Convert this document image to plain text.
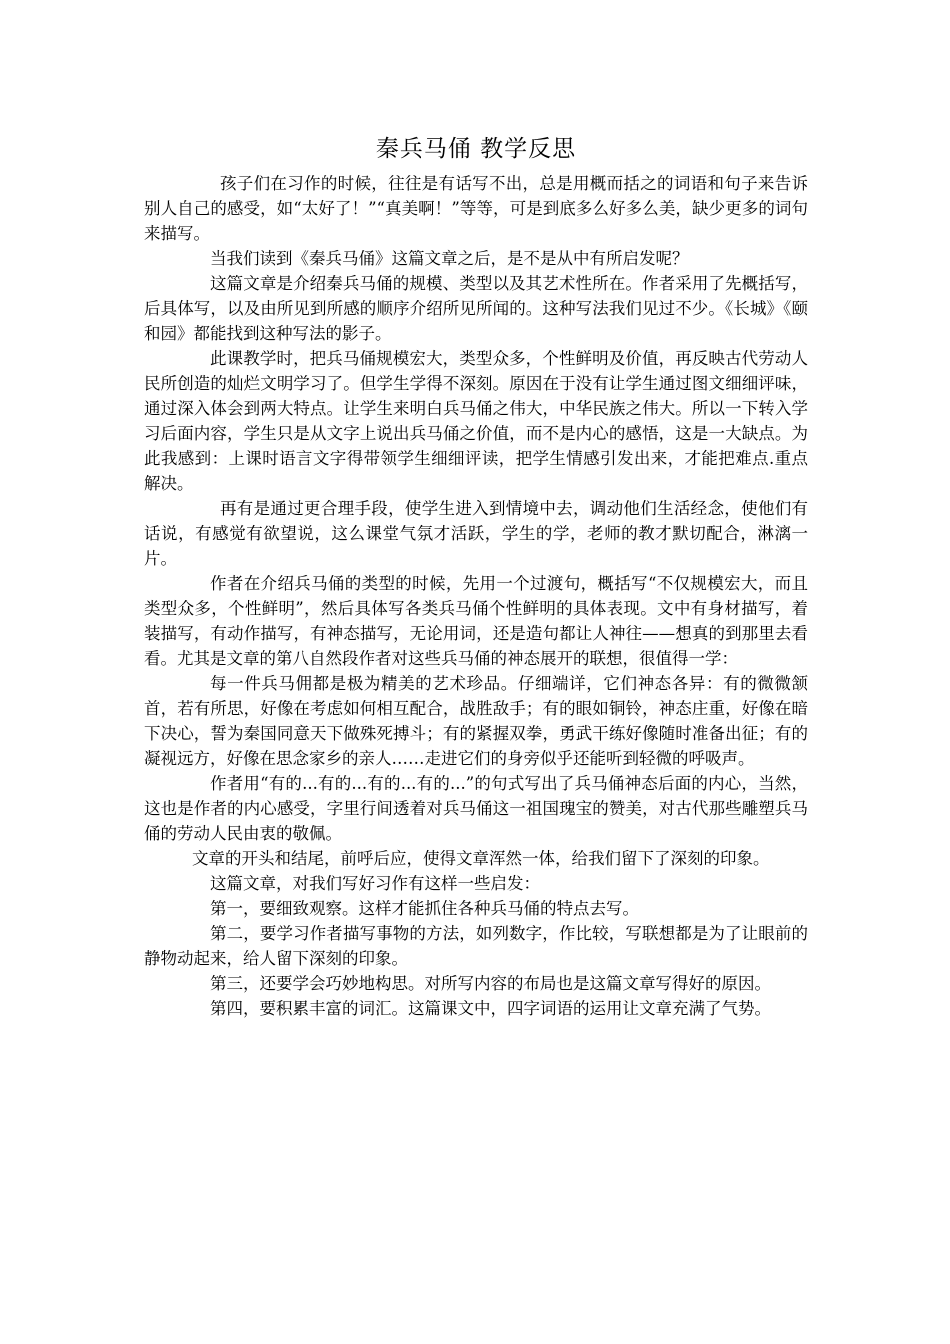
秦兵马俑 教学反思

孩子们在习作的时候，往往是有话写不出，总是用概而括之的词语和句子来告诉别人自己的感受，如“太好了！”“真美啊！”等等，可是到底多么好多么美，缺少更多的词句来描写。

当我们读到《秦兵马俑》这篇文章之后，是不是从中有所启发呢？

这篇文章是介绍秦兵马俑的规模、类型以及其艺术性所在。作者采用了先概括写，后具体写，以及由所见到所感的顺序介绍所见所闻的。这种写法我们见过不少。《长城》《颐和园》都能找到这种写法的影子。

此课教学时，把兵马俑规模宏大，类型众多，个性鲜明及价值，再反映古代劳动人民所创造的灿烂文明学习了。但学生学得不深刻。原因在于没有让学生通过图文细细评味，通过深入体会到两大特点。让学生来明白兵马俑之伟大，中华民族之伟大。所以一下转入学习后面内容，学生只是从文字上说出兵马俑之价值，而不是内心的感悟，这是一大缺点。为此我感到：上课时语言文字得带领学生细细评读，把学生情感引发出来，才能把难点.重点解决。

再有是通过更合理手段，使学生进入到情境中去，调动他们生活经念，使他们有话说，有感觉有欲望说，这么课堂气氛才活跃，学生的学，老师的教才默切配合，淋漓一片。

作者在介绍兵马俑的类型的时候，先用一个过渡句，概括写“不仅规模宏大，而且类型众多，个性鲜明”，然后具体写各类兵马俑个性鲜明的具体表现。文中有身材描写，着装描写，有动作描写，有神态描写，无论用词，还是造句都让人神往——想真的到那里去看看。尤其是文章的第八自然段作者对这些兵马俑的神态展开的联想，很值得一学：

每一件兵马佣都是极为精美的艺术珍品。仔细端详，它们神态各异：有的微微颔首，若有所思，好像在考虑如何相互配合，战胜敌手；有的眼如铜铃，神态庄重，好像在暗下决心，誓为秦国同意天下做殊死搏斗；有的紧握双拳，勇武干练好像随时准备出征；有的凝视远方，好像在思念家乡的亲人……走进它们的身旁似乎还能听到轻微的呼吸声。

作者用“有的...有的...有的...有的...”的句式写出了兵马俑神态后面的内心，当然，这也是作者的内心感受，字里行间透着对兵马俑这一祖国瑰宝的赞美，对古代那些雕塑兵马俑的劳动人民由衷的敬佩。

文章的开头和结尾，前呼后应，使得文章浑然一体，给我们留下了深刻的印象。

这篇文章，对我们写好习作有这样一些启发：

第一，要细致观察。这样才能抓住各种兵马俑的特点去写。

第二，要学习作者描写事物的方法，如列数字，作比较，写联想都是为了让眼前的静物动起来，给人留下深刻的印象。

第三，还要学会巧妙地构思。对所写内容的布局也是这篇文章写得好的原因。

第四，要积累丰富的词汇。这篇课文中，四字词语的运用让文章充满了气势。
